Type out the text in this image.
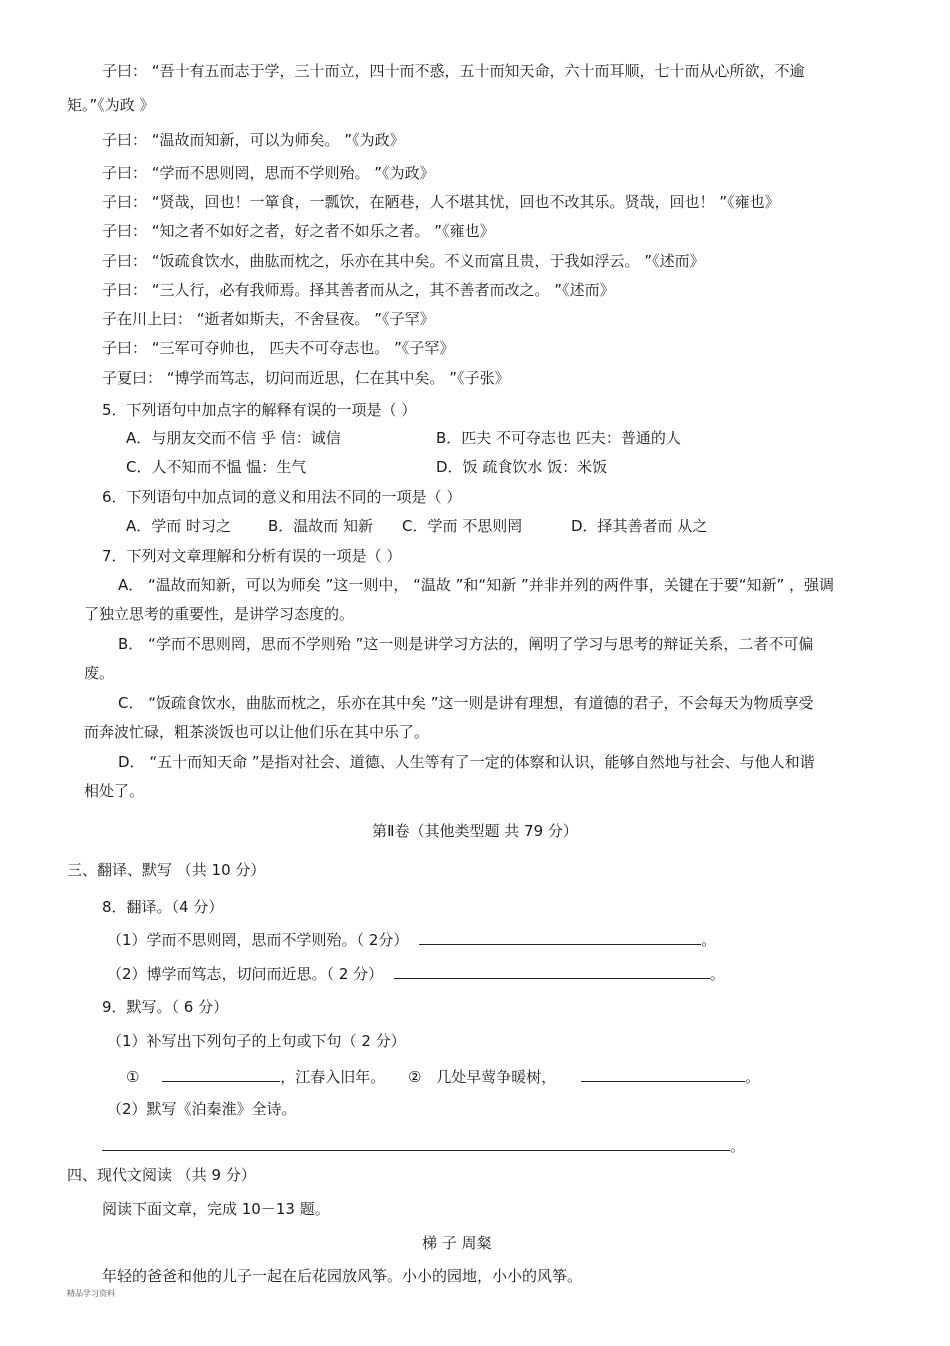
子曰： “吾十有五而志于学，三十而立，四十而不惑，五十而知天命，六十而耳顺，七十而从心所欲，不逾
矩。”《为政 》
子曰： “温故而知新，可以为师矣。 ”《为政》
子曰： “学而不思则罔，思而不学则殆。 ”《为政》
子曰： “贤哉，回也！一箪食，一瓢饮，在陋巷，人不堪其忧，回也不改其乐。贤哉，回也！ ”《雍也》
子曰： “知之者不如好之者，好之者不如乐之者。 ”《雍也》
子曰： “饭疏食饮水，曲肱而枕之，乐亦在其中矣。不义而富且贵，于我如浮云。 ”《述而》
子曰： “三人行，必有我师焉。择其善者而从之，其不善者而改之。 ”《述而》
子在川上曰： “逝者如斯夫，不舍昼夜。 ”《子罕》
子曰： “三军可夺帅也， 匹夫不可夺志也。 ”《子罕》
子夏曰： “博学而笃志，切问而近思，仁在其中矣。 ”《子张》
5．下列语句中加点字的解释有误的一项是（ ）
A．与朋友交而不信 乎 信：诚信	B．匹夫 不可夺志也 匹夫：普通的人
C．人不知而不愠 愠：生气	D．饭 疏食饮水 饭：米饭
6．下列语句中加点词的意义和用法不同的一项是（ ）
A．学而 时习之 B．温故而 知新 C．学而 不思则罔	D．择其善者而 从之
7．下列对文章理解和分析有误的一项是（ ）
A． “温故而知新，可以为师矣 ”这一则中， “温故 ”和“知新 ”并非并列的两件事，关键在于要“知新” ，强调
了独立思考的重要性，是讲学习态度的。
B． “学而不思则罔，思而不学则殆 ”这一则是讲学习方法的，阐明了学习与思考的辩证关系，二者不可偏
废。
C． “饭疏食饮水，曲肱而枕之，乐亦在其中矣 ”这一则是讲有理想，有道德的君子，不会每天为物质享受
而奔波忙碌，粗茶淡饭也可以让他们乐在其中乐了。
D． “五十而知天命 ”是指对社会、道德、人生等有了一定的体察和认识，能够自然地与社会、与他人和谐
相处了。
第Ⅱ卷（其他类型题 共 79 分）
三、翻译、默写 （共 10 分）
8．翻译。（4 分）
（1）学而不思则罔，思而不学则殆。（ 2分）	。
（2）博学而笃志，切问而近思。（ 2 分）	。
9．默写。（ 6 分）
（1）补写出下列句子的上句或下句（ 2 分）
①	，江春入旧年。 ② 几处早莺争暖树，	。
（2）默写《泊秦淮》全诗。
。
四、现代文阅读 （共 9 分）
阅读下面文章，完成 10－13 题。
梯 子 周粲
年轻的爸爸和他的儿子一起在后花园放风筝。小小的园地，小小的风筝。
精品学习资料
